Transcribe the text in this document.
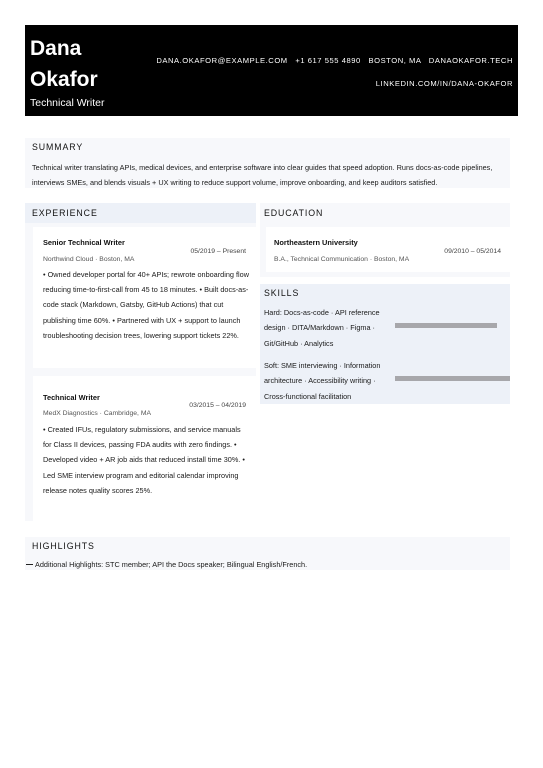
Dana
Okafor
Technical Writer
DANA.OKAFOR@EXAMPLE.COM +1 617 555 4890 BOSTON, MA DANAOKAFOR.TECH
LINKEDIN.COM/IN/DANA-OKAFOR
SUMMARY
Technical writer translating APIs, medical devices, and enterprise software into clear guides that speed adoption. Runs docs-as-code pipelines, interviews SMEs, and blends visuals + UX writing to reduce support volume, improve onboarding, and keep auditors satisfied.
EXPERIENCE
Senior Technical Writer
05/2019 – Present
Northwind Cloud · Boston, MA
• Owned developer portal for 40+ APIs; rewrote onboarding flow reducing time-to-first-call from 45 to 18 minutes. • Built docs-as-code stack (Markdown, Gatsby, GitHub Actions) that cut publishing time 60%. • Partnered with UX + support to launch troubleshooting decision trees, lowering support tickets 22%.
Technical Writer
03/2015 – 04/2019
MedX Diagnostics · Cambridge, MA
• Created IFUs, regulatory submissions, and service manuals for Class II devices, passing FDA audits with zero findings. • Developed video + AR job aids that reduced install time 30%. • Led SME interview program and editorial calendar improving release notes quality scores 25%.
EDUCATION
Northeastern University
09/2010 – 05/2014
B.A., Technical Communication · Boston, MA
SKILLS
Hard: Docs-as-code · API reference design · DITA/Markdown · Figma · Git/GitHub · Analytics
Soft: SME interviewing · Information architecture · Accessibility writing · Cross-functional facilitation
HIGHLIGHTS
Additional Highlights: STC member; API the Docs speaker; Bilingual English/French.
